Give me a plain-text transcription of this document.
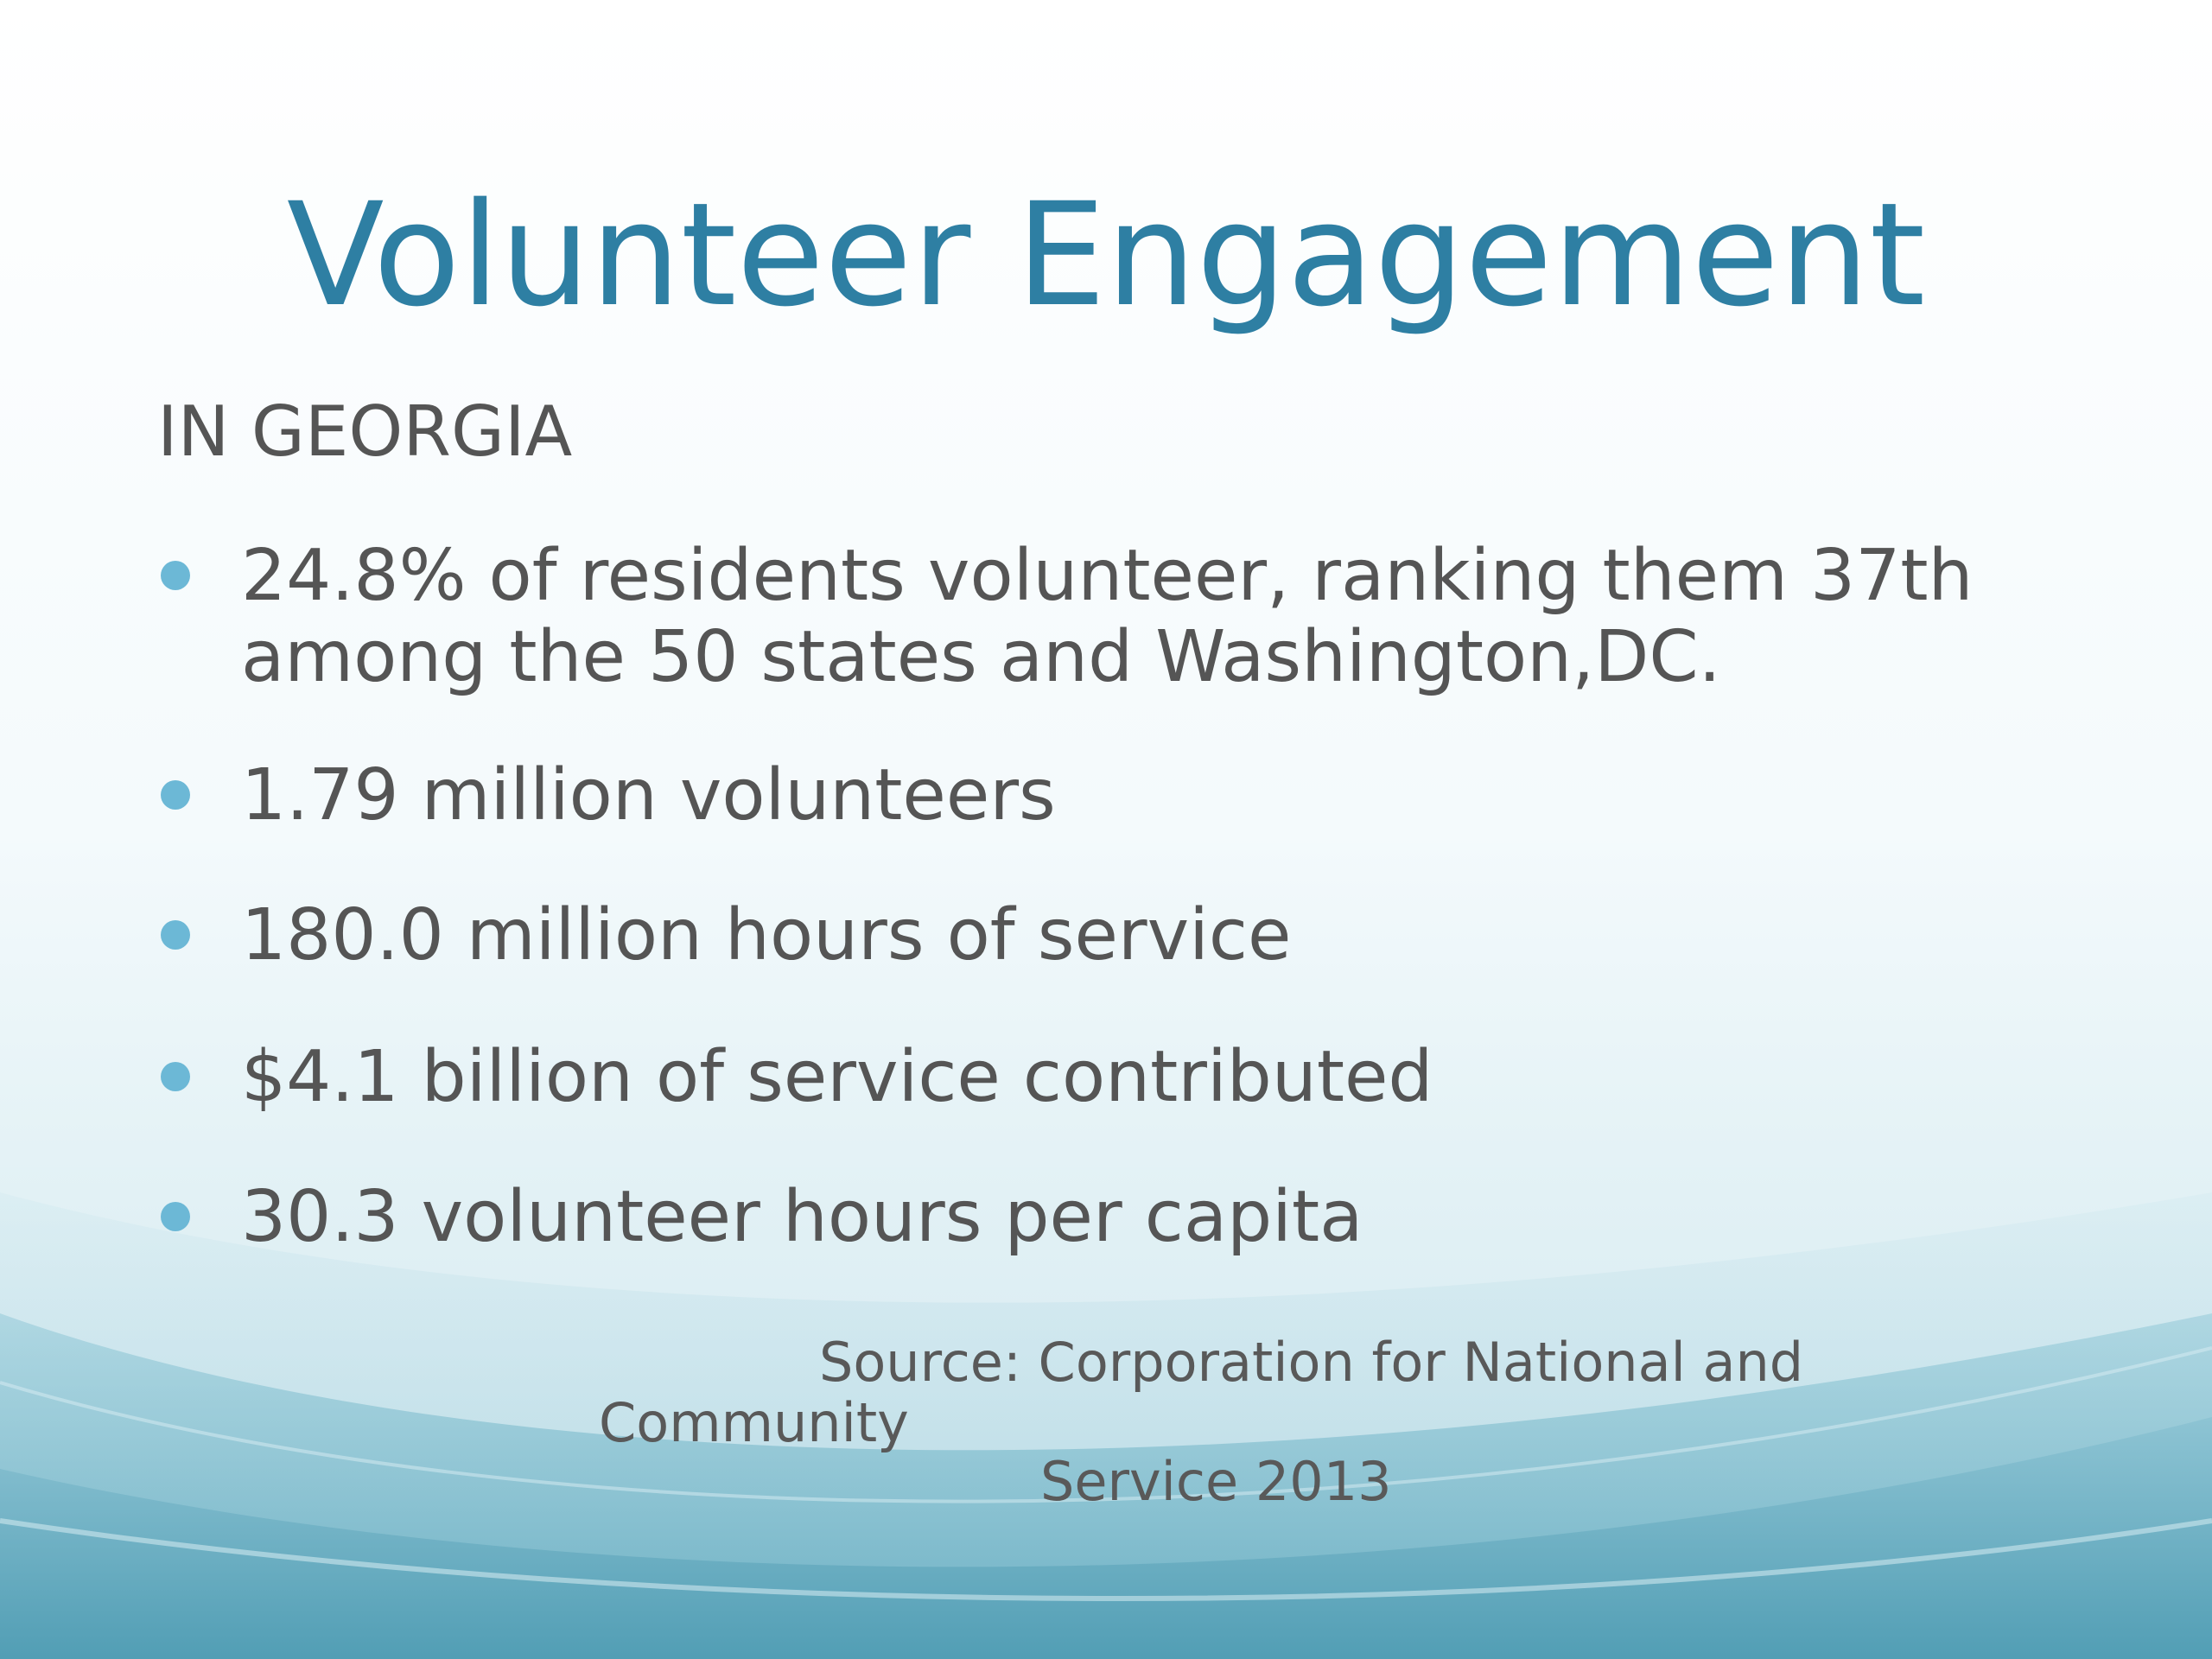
Volunteer Engagement
IN GEORGIA
24.8% of residents volunteer, ranking them 37th among the 50 states and Washington,DC.
1.79 million volunteers
180.0 million hours of service
$4.1 billion of service contributed
30.3 volunteer hours per capita

Source: Corporation for National and

Community

Service 2013
